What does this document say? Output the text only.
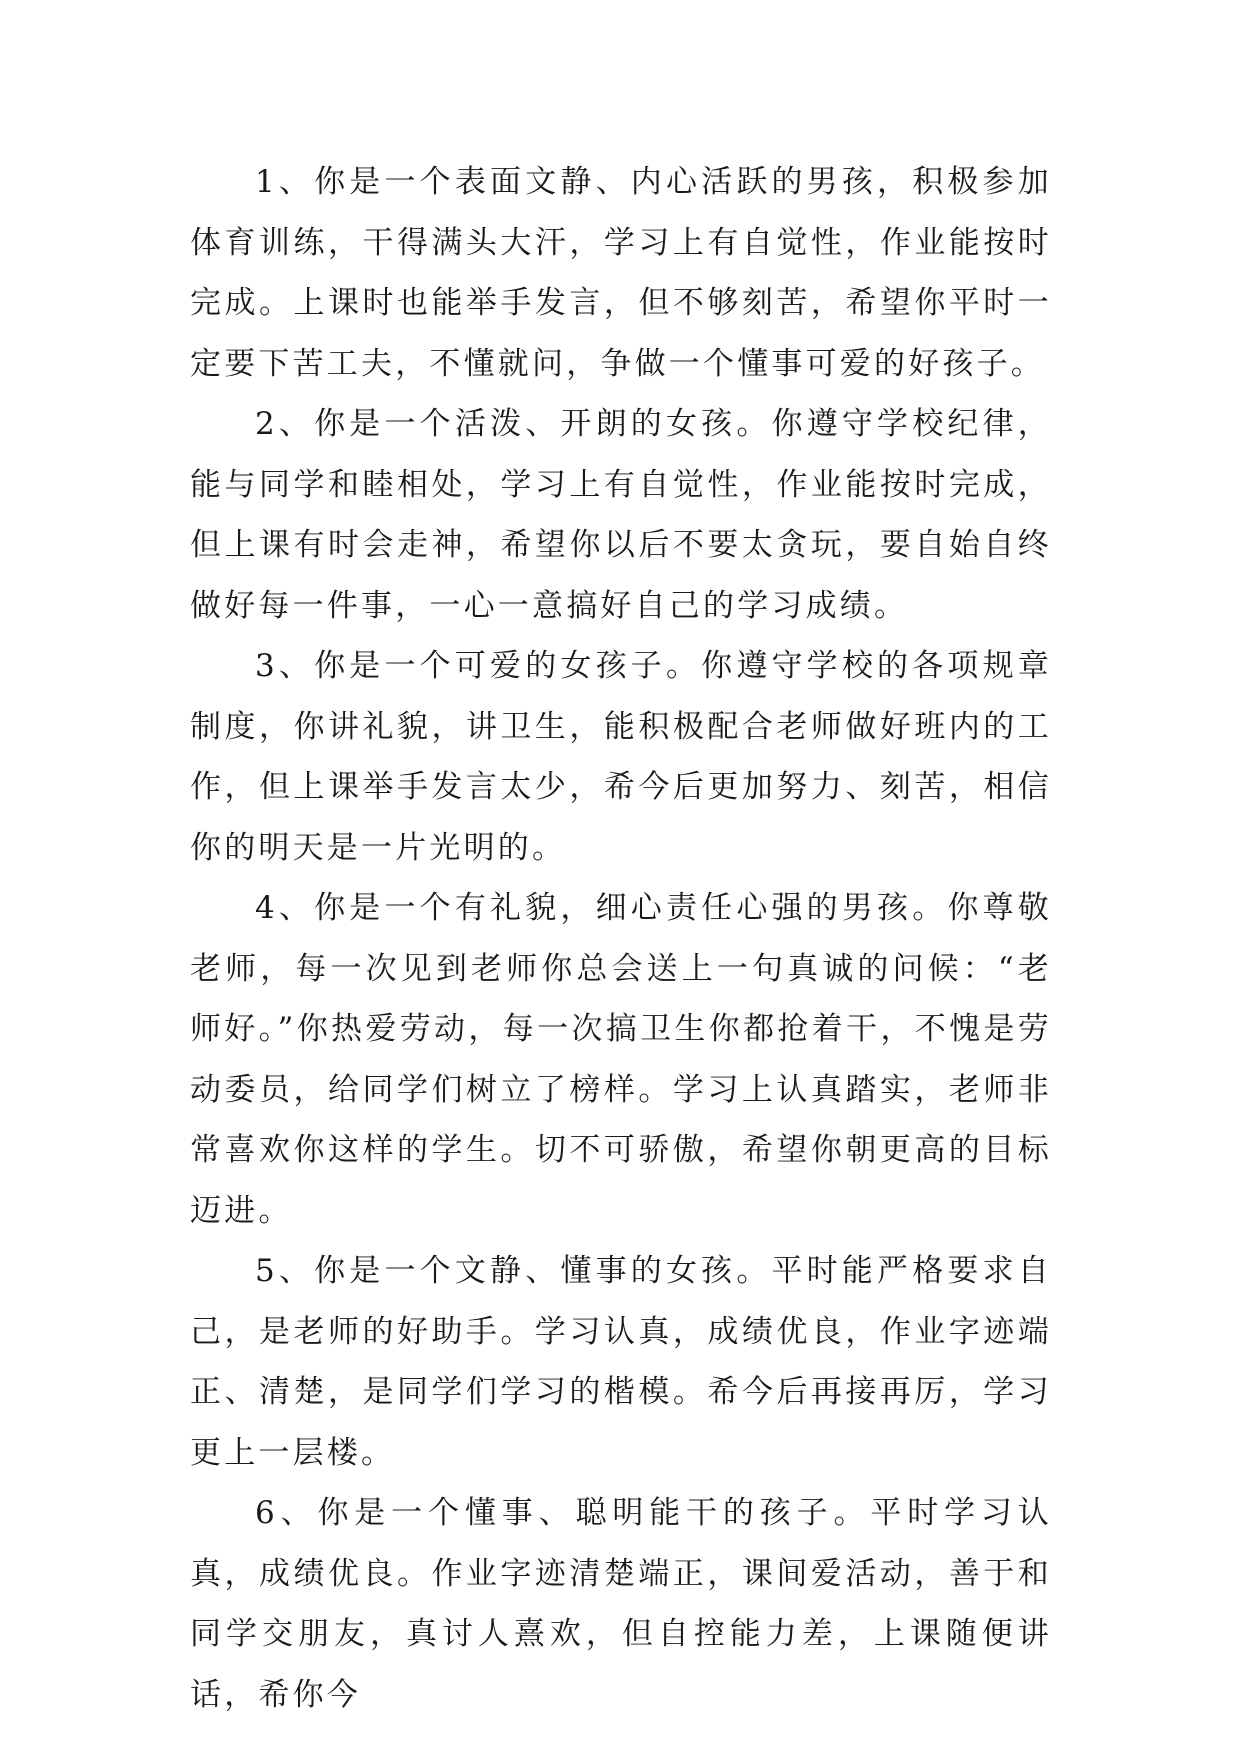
1、你是一个表面文静、内心活跃的男孩，积极参加体育训练，干得满头大汗，学习上有自觉性，作业能按时完成。上课时也能举手发言，但不够刻苦，希望你平时一定要下苦工夫，不懂就问，争做一个懂事可爱的好孩子。

2、你是一个活泼、开朗的女孩。你遵守学校纪律，能与同学和睦相处，学习上有自觉性，作业能按时完成，但上课有时会走神，希望你以后不要太贪玩，要自始自终做好每一件事，一心一意搞好自己的学习成绩。

3、你是一个可爱的女孩子。你遵守学校的各项规章制度，你讲礼貌，讲卫生，能积极配合老师做好班内的工作，但上课举手发言太少，希今后更加努力、刻苦，相信你的明天是一片光明的。

4、你是一个有礼貌，细心责任心强的男孩。你尊敬老师，每一次见到老师你总会送上一句真诚的问候：“老师好。”你热爱劳动，每一次搞卫生你都抢着干，不愧是劳动委员，给同学们树立了榜样。学习上认真踏实，老师非常喜欢你这样的学生。切不可骄傲，希望你朝更高的目标迈进。

5、你是一个文静、懂事的女孩。平时能严格要求自己，是老师的好助手。学习认真，成绩优良，作业字迹端正、清楚，是同学们学习的楷模。希今后再接再厉，学习更上一层楼。

6、你是一个懂事、聪明能干的孩子。平时学习认真，成绩优良。作业字迹清楚端正，课间爱活动，善于和同学交朋友，真讨人熹欢，但自控能力差，上课随便讲话，希你今
